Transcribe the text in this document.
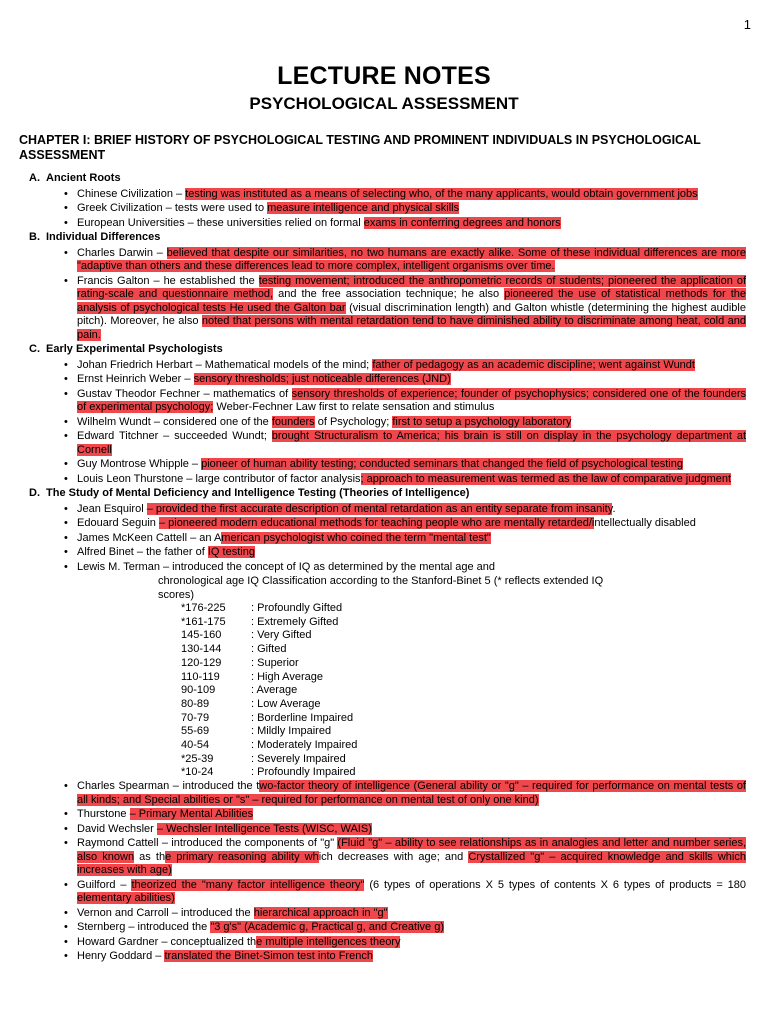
1
LECTURE NOTES
PSYCHOLOGICAL ASSESSMENT
CHAPTER I: BRIEF HISTORY OF PSYCHOLOGICAL TESTING AND PROMINENT INDIVIDUALS IN PSYCHOLOGICAL ASSESSMENT
A. Ancient Roots
• Chinese Civilization – testing was instituted as a means of selecting who, of the many applicants, would obtain government jobs
• Greek Civilization – tests were used to measure intelligence and physical skills
• European Universities – these universities relied on formal exams in conferring degrees and honors
B. Individual Differences
• Charles Darwin – believed that despite our similarities, no two humans are exactly alike. Some of these individual differences are more "adaptive than others and these differences lead to more complex, intelligent organisms over time.
• Francis Galton – he established the testing movement; introduced the anthropometric records of students; pioneered the application of rating-scale and questionnaire method, and the free association technique; he also pioneered the use of statistical methods for the analysis of psychological tests He used the Galton bar (visual discrimination length) and Galton whistle (determining the highest audible pitch). Moreover, he also noted that persons with mental retardation tend to have diminished ability to discriminate among heat, cold and pain.
C. Early Experimental Psychologists
• Johan Friedrich Herbart – Mathematical models of the mind; father of pedagogy as an academic discipline; went against Wundt
• Ernst Heinrich Weber – sensory thresholds; just noticeable differences (JND)
• Gustav Theodor Fechner – mathematics of sensory thresholds of experience; founder of psychophysics; considered one of the founders of experimental psychology; Weber-Fechner Law first to relate sensation and stimulus
• Wilhelm Wundt – considered one of the founders of Psychology; first to setup a psychology laboratory
• Edward Titchner – succeeded Wundt; brought Structuralism to America; his brain is still on display in the psychology department at Cornell
• Guy Montrose Whipple – pioneer of human ability testing; conducted seminars that changed the field of psychological testing
• Louis Leon Thurstone – large contributor of factor analysis; approach to measurement was termed as the law of comparative judgment
D. The Study of Mental Deficiency and Intelligence Testing (Theories of Intelligence)
• Jean Esquirol – provided the first accurate description of mental retardation as an entity separate from insanity.
• Edouard Seguin – pioneered modern educational methods for teaching people who are mentally retarded/intellectually disabled
• James McKeen Cattell – an American psychologist who coined the term "mental test"
• Alfred Binet – the father of IQ testing
• Lewis M. Terman – introduced the concept of IQ as determined by the mental age and
chronological age IQ Classification according to the Stanford-Binet 5 (* reflects extended IQ scores)
*176-225	: Profoundly Gifted
*161-175	: Extremely Gifted
145-160	: Very Gifted
130-144	: Gifted
120-129	: Superior
110-119	: High Average
90-109	: Average
80-89	: Low Average
70-79	: Borderline Impaired
55-69	: Mildly Impaired
40-54	: Moderately Impaired
*25-39	: Severely Impaired
*10-24	: Profoundly Impaired
• Charles Spearman – introduced the two-factor theory of intelligence (General ability or "g" – required for performance on mental tests of all kinds; and Special abilities or "s" – required for performance on mental test of only one kind)
• Thurstone – Primary Mental Abilities
• David Wechsler – Wechsler Intelligence Tests (WISC, WAIS)
• Raymond Cattell – introduced the components of "g" (Fluid "g" – ability to see relationships as in analogies and letter and number series, also known as the primary reasoning ability which decreases with age; and Crystallized "g" – acquired knowledge and skills which increases with age)
• Guilford – theorized the "many factor intelligence theory" (6 types of operations X 5 types of contents X 6 types of products = 180 elementary abilities)
• Vernon and Carroll – introduced the hierarchical approach in "g"
• Sternberg – introduced the "3 g's" (Academic g, Practical g, and Creative g)
• Howard Gardner – conceptualized the multiple intelligences theory
• Henry Goddard – translated the Binet-Simon test into French
